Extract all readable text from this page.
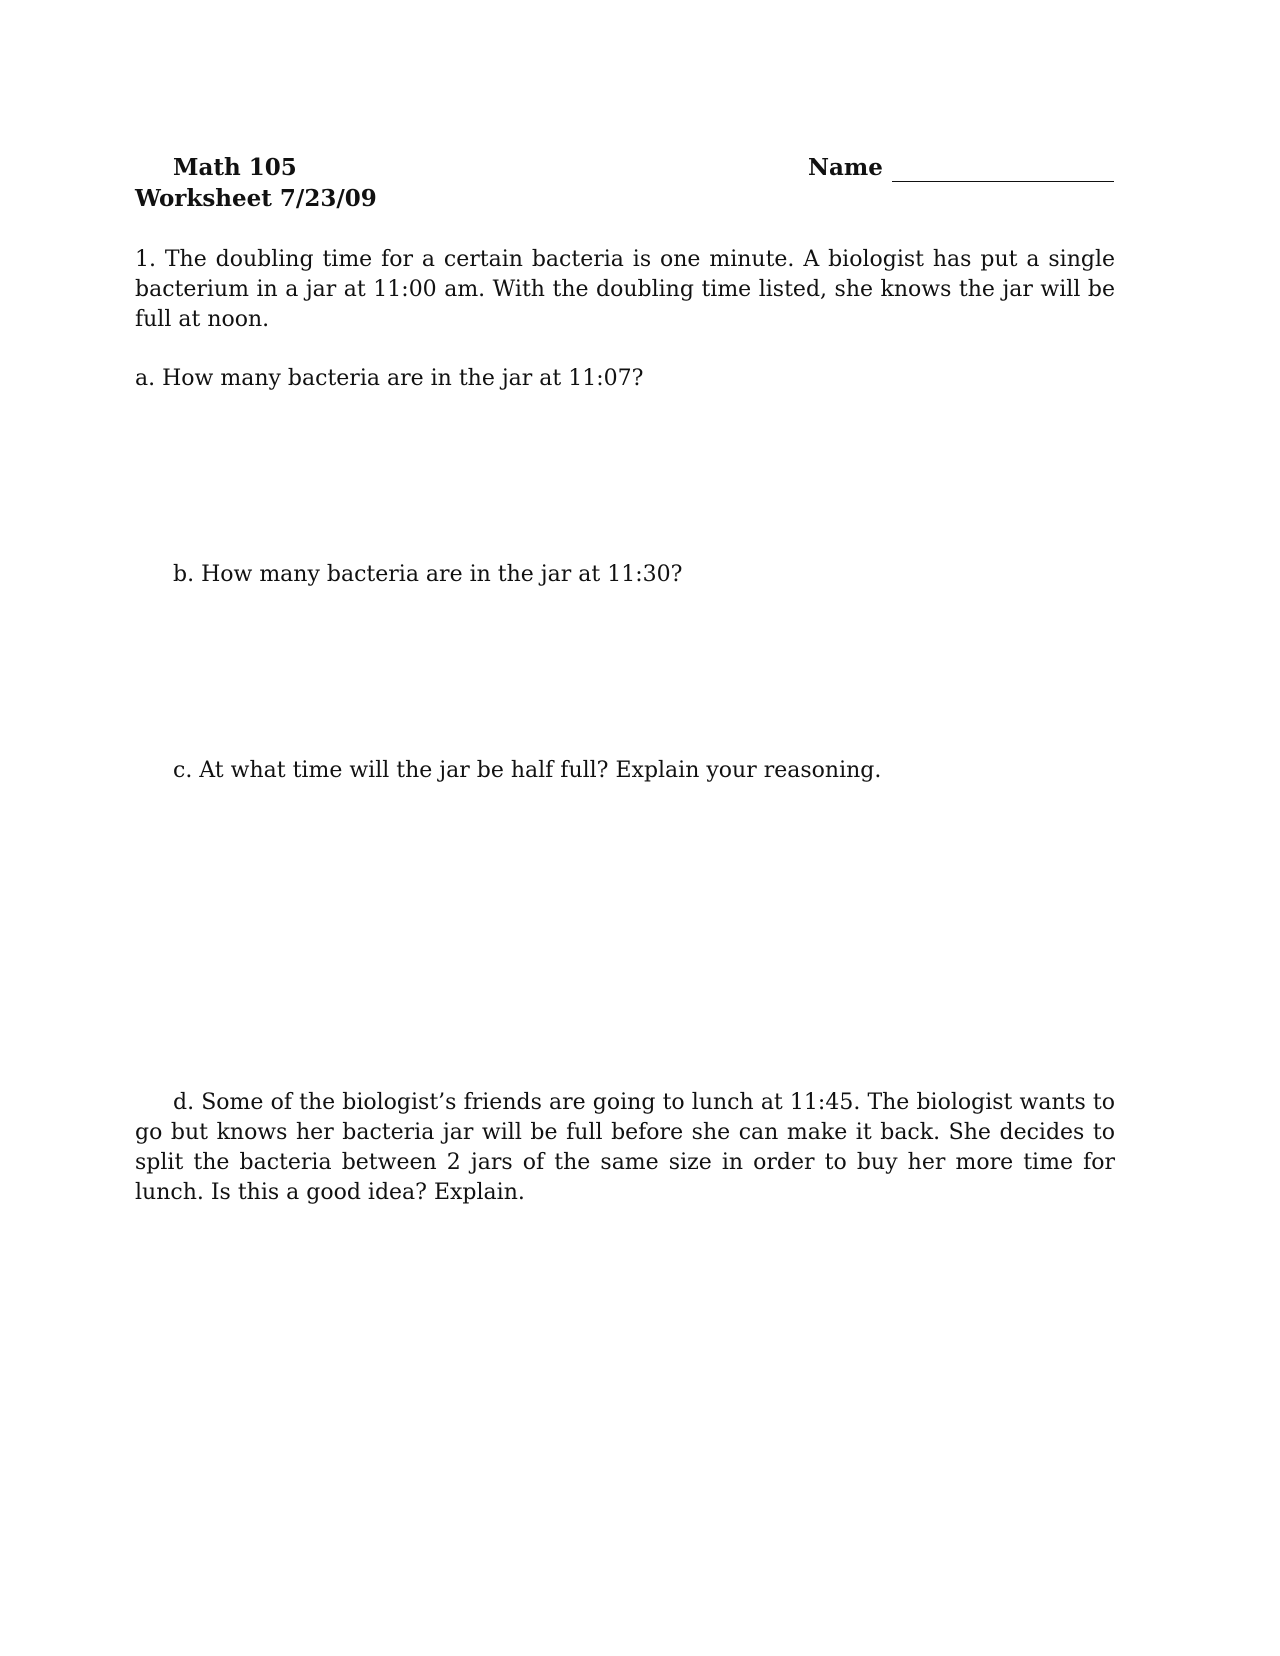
Math 105
Worksheet 7/23/09
Name
1. The doubling time for a certain bacteria is one minute. A biologist has put a single bacterium in a jar at 11:00 am. With the doubling time listed, she knows the jar will be full at noon.
a. How many bacteria are in the jar at 11:07?
b. How many bacteria are in the jar at 11:30?
c. At what time will the jar be half full? Explain your reasoning.
d. Some of the biologist’s friends are going to lunch at 11:45. The biologist wants to go but knows her bacteria jar will be full before she can make it back. She decides to split the bacteria between 2 jars of the same size in order to buy her more time for lunch. Is this a good idea? Explain.
